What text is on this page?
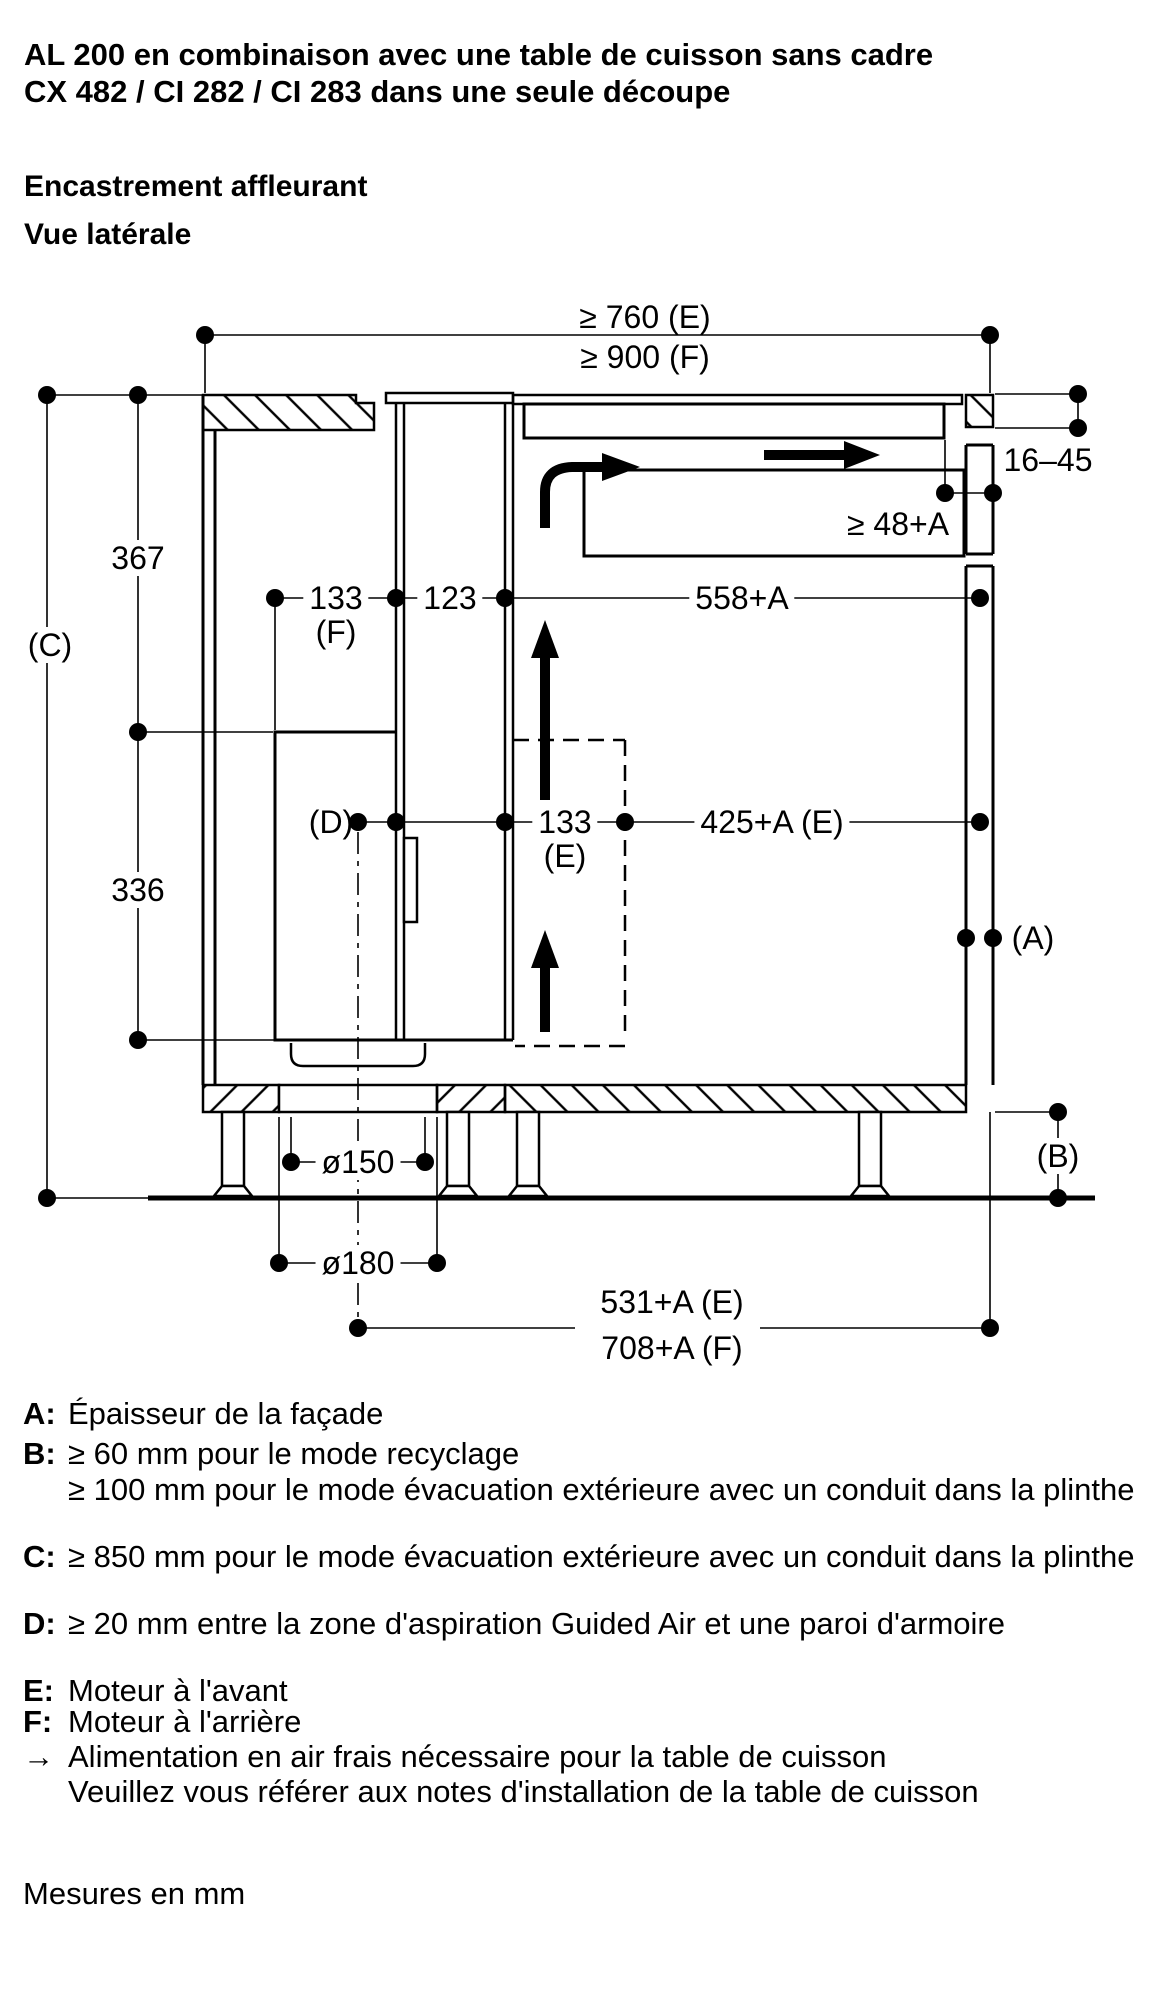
AL 200 en combinaison avec une table de cuisson sans cadre
CX 482 / CI 282 / CI 283 dans une seule découpe
Encastrement affleurant
Vue latérale
≥ 760 (E)
≥ 900 (F)
367
(C)
133
(F)
123	558+A
≥ 48+A
16–45
(D)	133
(E)
425+A (E)
(A)
336
(B)
ø150
ø180
531+A (E)
708+A (F)
A: Épaisseur de la façade
B: ≥ 60 mm pour le mode recyclage
≥ 100 mm pour le mode évacuation extérieure avec un conduit dans la plinthe
C: ≥ 850 mm pour le mode évacuation extérieure avec un conduit dans la plinthe
D: ≥ 20 mm entre la zone d'aspiration Guided Air et une paroi d'armoire
E: Moteur à l'avant
F: Moteur à l'arrière
→ Alimentation en air frais nécessaire pour la table de cuisson
Veuillez vous référer aux notes d'installation de la table de cuisson
Mesures en mm
